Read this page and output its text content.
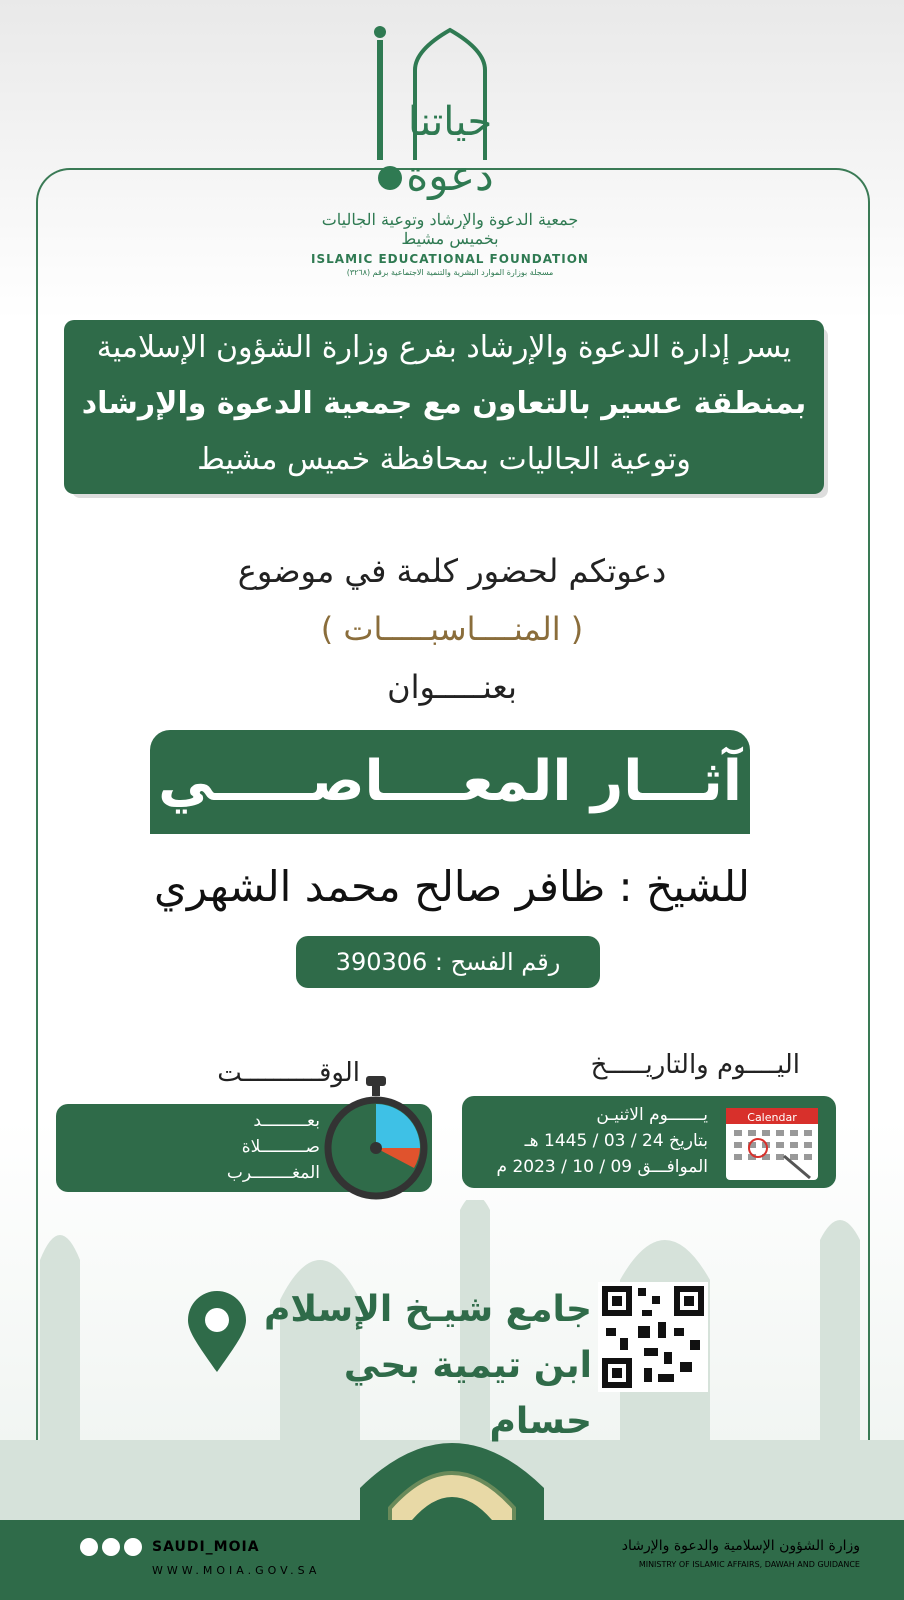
حياتنا
دعوة
جمعية الدعوة والإرشاد وتوعية الجاليات بخميس مشيط
ISLAMIC EDUCATIONAL FOUNDATION
مسجلة بوزارة الموارد البشرية والتنمية الاجتماعية برقم (٣٢٦٨)
يسر إدارة الدعوة والإرشاد بفرع وزارة الشؤون الإسلامية
بمنطقة عسير بالتعاون مع جمعية الدعوة والإرشاد
وتوعية الجاليات بمحافظة خميس مشيط
دعوتكم لحضور كلمة في موضوع
( المنــــاسبـــــات )
بعنـــــوان
آثـــار المعــــاصـــــي
للشيخ : ظافر صالح محمد الشهري
رقم الفسح : 390306
اليــــوم والتاريـــــخ
الوقــــــــــت
يـــــــوم الاثنيـن
بتاريخ 24 / 03 / 1445 هـ
الموافـــق 09 / 10 / 2023 م
Calendar
بعـــــــــد
صـــــــــلاة
المغــــــــرب
جامع شيـخ الإسلام
ابن تيمية بحي حسام
SAUDI_MOIA
WWW.MOIA.GOV.SA
وزارة الشؤون الإسلامية والدعوة والإرشاد
MINISTRY OF ISLAMIC AFFAIRS, DAWAH AND GUIDANCE
